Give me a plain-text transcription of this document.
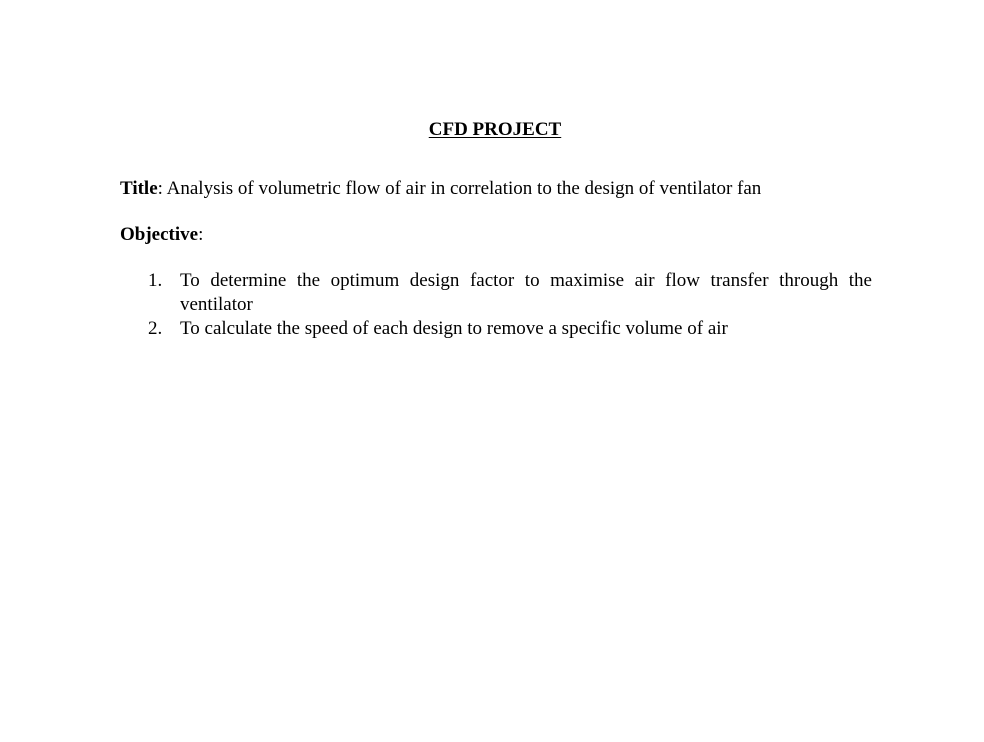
CFD PROJECT
Title: Analysis of volumetric flow of air in correlation to the design of ventilator fan
Objective:
1. To determine the optimum design factor to maximise air flow transfer through the ventilator
2. To calculate the speed of each design to remove a specific volume of air
